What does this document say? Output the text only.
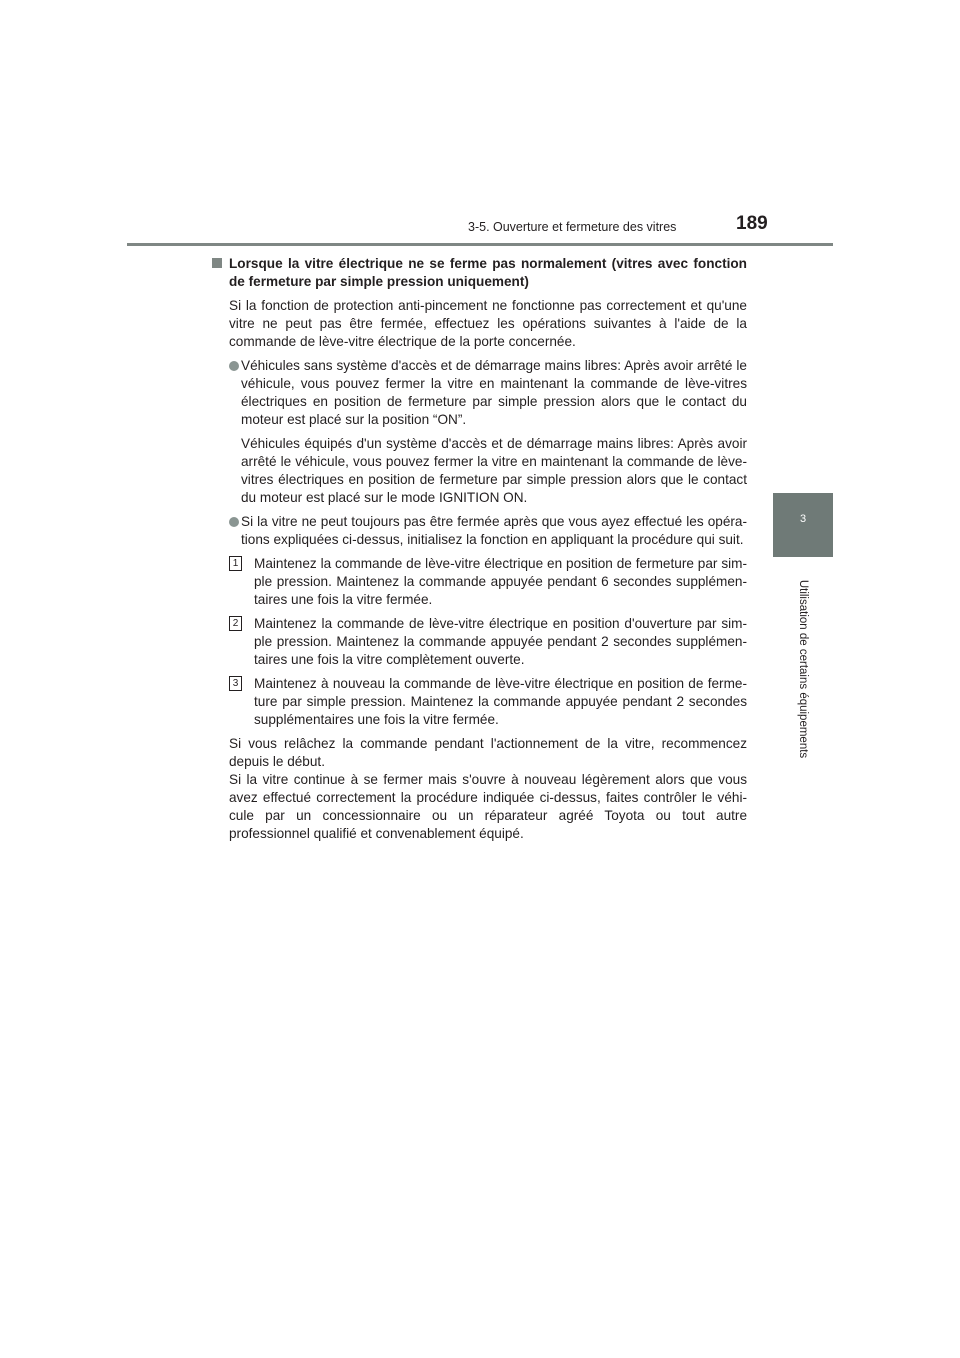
3-5. Ouverture et fermeture des vitres	189
3
Utilisation de certains équipements

Lorsque la vitre électrique ne se ferme pas normalement (vitres avec fonction de fermeture par simple pression uniquement)

Si la fonction de protection anti-pincement ne fonctionne pas correctement et qu'une vitre ne peut pas être fermée, effectuez les opérations suivantes à l'aide de la commande de lève-vitre électrique de la porte concernée.

Véhicules sans système d'accès et de démarrage mains libres: Après avoir arrêté le véhicule, vous pouvez fermer la vitre en maintenant la commande de lève-vitres électriques en position de fermeture par simple pression alors que le contact du moteur est placé sur la position “ON”.

Véhicules équipés d'un système d'accès et de démarrage mains libres: Après avoir arrêté le véhicule, vous pouvez fermer la vitre en maintenant la commande de lève-vitres électriques en position de fermeture par simple pression alors que le contact du moteur est placé sur le mode IGNITION ON.

Si la vitre ne peut toujours pas être fermée après que vous ayez effectué les opéra-tions expliquées ci-dessus, initialisez la fonction en appliquant la procédure qui suit.

1 Maintenez la commande de lève-vitre électrique en position de fermeture par sim-ple pression. Maintenez la commande appuyée pendant 6 secondes supplémen-taires une fois la vitre fermée.

2 Maintenez la commande de lève-vitre électrique en position d'ouverture par sim-ple pression. Maintenez la commande appuyée pendant 2 secondes supplémen-taires une fois la vitre complètement ouverte.

3 Maintenez à nouveau la commande de lève-vitre électrique en position de ferme-ture par simple pression. Maintenez la commande appuyée pendant 2 secondes supplémentaires une fois la vitre fermée.

Si vous relâchez la commande pendant l'actionnement de la vitre, recommencez depuis le début.

Si la vitre continue à se fermer mais s'ouvre à nouveau légèrement alors que vous avez effectué correctement la procédure indiquée ci-dessus, faites contrôler le véhi-cule par un concessionnaire ou un réparateur agréé Toyota ou tout autre professionnel qualifié et convenablement équipé.
